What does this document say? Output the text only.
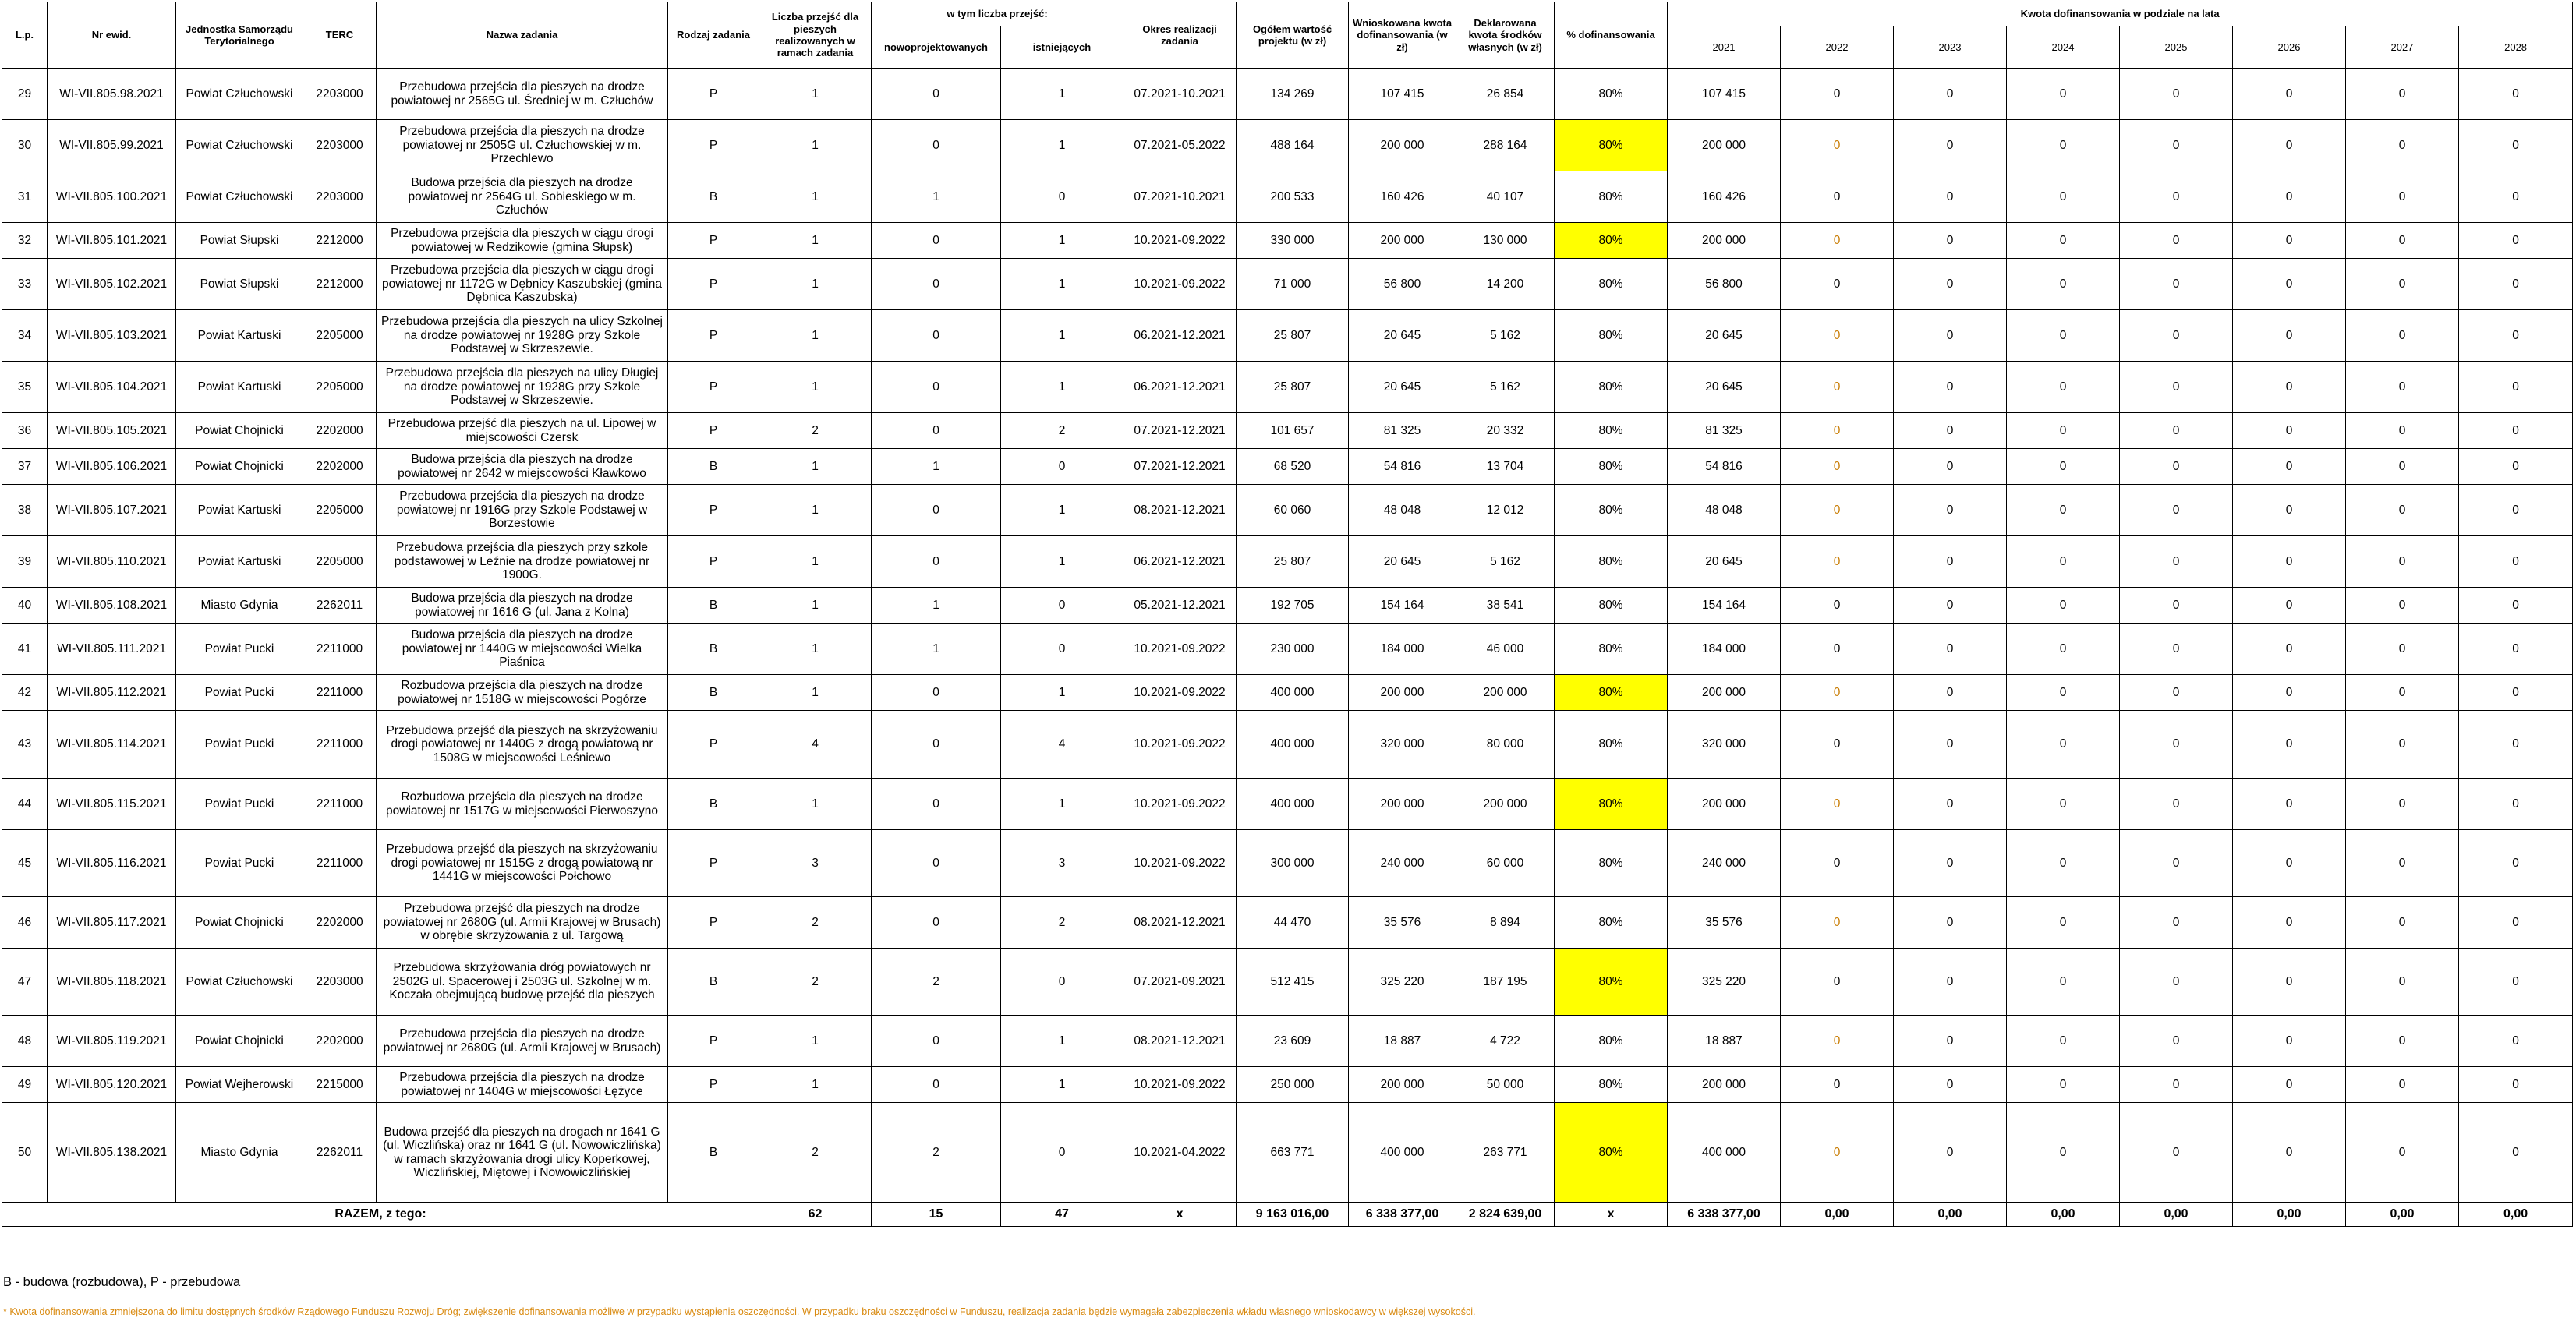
L.p.	Nr ewid.	Jednostka Samorządu Terytorialnego	TERC	Nazwa zadania	Rodzaj zadania	Liczba przejść dla pieszych realizowanych w ramach zadania	w tym liczba przejść:		Okres realizacji zadania	Ogółem wartość projektu (w zł)	Wnioskowana kwota dofinansowania (w zł)	Deklarowana kwota środków własnych (w zł)	% dofinansowania	Kwota dofinansowania w podziale na lata							
							nowoprojektowanych	istniejących						2021	2022	2023	2024	2025	2026	2027	2028
29	WI-VII.805.98.2021	Powiat Człuchowski	2203000	Przebudowa przejścia dla pieszych na drodze powiatowej nr 2565G ul. Średniej w m. Człuchów	P	1	0	1	07.2021-10.2021	134 269	107 415	26 854	80%	107 415	0	0	0	0	0	0	0
30	WI-VII.805.99.2021	Powiat Człuchowski	2203000	Przebudowa przejścia dla pieszych na drodze powiatowej nr 2505G ul. Człuchowskiej w m. Przechlewo	P	1	0	1	07.2021-05.2022	488 164	200 000	288 164	80%	200 000	0	0	0	0	0	0	0
31	WI-VII.805.100.2021	Powiat Człuchowski	2203000	Budowa przejścia dla pieszych na drodze powiatowej nr 2564G ul. Sobieskiego w m. Człuchów	B	1	1	0	07.2021-10.2021	200 533	160 426	40 107	80%	160 426	0	0	0	0	0	0	0
32	WI-VII.805.101.2021	Powiat Słupski	2212000	Przebudowa przejścia dla pieszych w ciągu drogi powiatowej w Redzikowie (gmina Słupsk)	P	1	0	1	10.2021-09.2022	330 000	200 000	130 000	80%	200 000	0	0	0	0	0	0	0
33	WI-VII.805.102.2021	Powiat Słupski	2212000	Przebudowa przejścia dla pieszych w ciągu drogi powiatowej nr 1172G w Dębnicy Kaszubskiej (gmina Dębnica Kaszubska)	P	1	0	1	10.2021-09.2022	71 000	56 800	14 200	80%	56 800	0	0	0	0	0	0	0
34	WI-VII.805.103.2021	Powiat Kartuski	2205000	Przebudowa przejścia dla pieszych na ulicy Szkolnej na drodze powiatowej nr 1928G przy Szkole Podstawej w Skrzeszewie.	P	1	0	1	06.2021-12.2021	25 807	20 645	5 162	80%	20 645	0	0	0	0	0	0	0
35	WI-VII.805.104.2021	Powiat Kartuski	2205000	Przebudowa przejścia dla pieszych na ulicy Długiej na drodze powiatowej nr 1928G przy Szkole Podstawej w Skrzeszewie.	P	1	0	1	06.2021-12.2021	25 807	20 645	5 162	80%	20 645	0	0	0	0	0	0	0
36	WI-VII.805.105.2021	Powiat Chojnicki	2202000	Przebudowa przejść dla pieszych na ul. Lipowej w miejscowości Czersk	P	2	0	2	07.2021-12.2021	101 657	81 325	20 332	80%	81 325	0	0	0	0	0	0	0
37	WI-VII.805.106.2021	Powiat Chojnicki	2202000	Budowa przejścia dla pieszych na drodze powiatowej nr 2642 w miejscowości Kławkowo	B	1	1	0	07.2021-12.2021	68 520	54 816	13 704	80%	54 816	0	0	0	0	0	0	0
38	WI-VII.805.107.2021	Powiat Kartuski	2205000	Przebudowa przejścia dla pieszych na drodze powiatowej nr 1916G przy Szkole Podstawej w Borzestowie	P	1	0	1	08.2021-12.2021	60 060	48 048	12 012	80%	48 048	0	0	0	0	0	0	0
39	WI-VII.805.110.2021	Powiat Kartuski	2205000	Przebudowa przejścia dla pieszych przy szkole podstawowej w Leźnie na drodze powiatowej nr 1900G.	P	1	0	1	06.2021-12.2021	25 807	20 645	5 162	80%	20 645	0	0	0	0	0	0	0
40	WI-VII.805.108.2021	Miasto Gdynia	2262011	Budowa przejścia dla pieszych na drodze powiatowej nr 1616 G (ul. Jana z Kolna)	B	1	1	0	05.2021-12.2021	192 705	154 164	38 541	80%	154 164	0	0	0	0	0	0	0
41	WI-VII.805.111.2021	Powiat Pucki	2211000	Budowa przejścia dla pieszych na drodze powiatowej nr 1440G w miejscowości Wielka Piaśnica	B	1	1	0	10.2021-09.2022	230 000	184 000	46 000	80%	184 000	0	0	0	0	0	0	0
42	WI-VII.805.112.2021	Powiat Pucki	2211000	Rozbudowa przejścia dla pieszych na drodze powiatowej nr 1518G w miejscowości Pogórze	B	1	0	1	10.2021-09.2022	400 000	200 000	200 000	80%	200 000	0	0	0	0	0	0	0
43	WI-VII.805.114.2021	Powiat Pucki	2211000	Przebudowa przejść dla pieszych na skrzyżowaniu drogi powiatowej nr 1440G z drogą powiatową nr 1508G w miejscowości Leśniewo	P	4	0	4	10.2021-09.2022	400 000	320 000	80 000	80%	320 000	0	0	0	0	0	0	0
44	WI-VII.805.115.2021	Powiat Pucki	2211000	Rozbudowa przejścia dla pieszych na drodze powiatowej nr 1517G w miejscowości Pierwoszyno	B	1	0	1	10.2021-09.2022	400 000	200 000	200 000	80%	200 000	0	0	0	0	0	0	0
45	WI-VII.805.116.2021	Powiat Pucki	2211000	Przebudowa przejść dla pieszych na skrzyżowaniu drogi powiatowej nr 1515G z drogą powiatową nr 1441G w miejscowości Połchowo	P	3	0	3	10.2021-09.2022	300 000	240 000	60 000	80%	240 000	0	0	0	0	0	0	0
46	WI-VII.805.117.2021	Powiat Chojnicki	2202000	Przebudowa przejść dla pieszych na drodze powiatowej nr 2680G (ul. Armii Krajowej w Brusach) w obrębie skrzyżowania z ul. Targową	P	2	0	2	08.2021-12.2021	44 470	35 576	8 894	80%	35 576	0	0	0	0	0	0	0
47	WI-VII.805.118.2021	Powiat Człuchowski	2203000	Przebudowa skrzyżowania dróg powiatowych nr 2502G ul. Spacerowej i 2503G ul. Szkolnej w m. Koczała obejmującą budowę przejść dla pieszych	B	2	2	0	07.2021-09.2021	512 415	325 220	187 195	80%	325 220	0	0	0	0	0	0	0
48	WI-VII.805.119.2021	Powiat Chojnicki	2202000	Przebudowa przejścia dla pieszych na drodze powiatowej nr 2680G (ul. Armii Krajowej w Brusach)	P	1	0	1	08.2021-12.2021	23 609	18 887	4 722	80%	18 887	0	0	0	0	0	0	0
49	WI-VII.805.120.2021	Powiat Wejherowski	2215000	Przebudowa przejścia dla pieszych na drodze powiatowej nr 1404G w miejscowości Łężyce	P	1	0	1	10.2021-09.2022	250 000	200 000	50 000	80%	200 000	0	0	0	0	0	0	0
50	WI-VII.805.138.2021	Miasto Gdynia	2262011	Budowa przejść dla pieszych na drogach nr 1641 G (ul. Wiczlińska) oraz nr 1641 G (ul. Nowowiczlińska) w ramach skrzyżowania drogi ulicy Koperkowej, Wiczlińskiej, Miętowej i Nowowiczlińskiej	B	2	2	0	10.2021-04.2022	663 771	400 000	263 771	80%	400 000	0	0	0	0	0	0	0
RAZEM, z tego:						62	15	47	x	9 163 016,00	6 338 377,00	2 824 639,00	x	6 338 377,00	0,00	0,00	0,00	0,00	0,00	0,00	0,00
B - budowa (rozbudowa), P - przebudowa
* Kwota dofinansowania zmniejszona do limitu dostępnych środków Rządowego Funduszu Rozwoju Dróg; zwiększenie dofinansowania możliwe w przypadku wystąpienia oszczędności. W przypadku braku oszczędności w Funduszu, realizacja zadania będzie wymagała zabezpieczenia wkładu własnego wnioskodawcy w większej wysokości.
